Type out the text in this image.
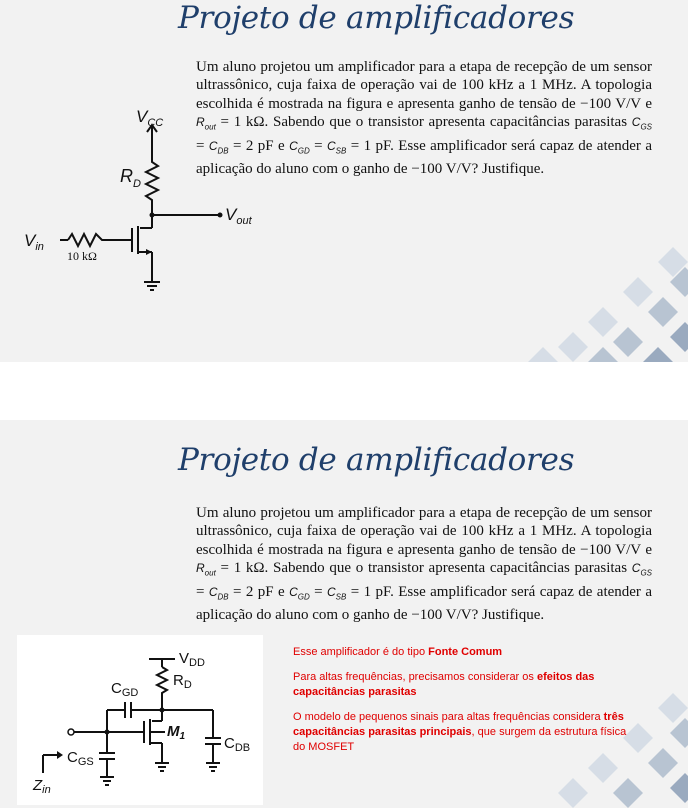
Projeto de amplificadores
Um aluno projetou um amplificador para a etapa de recepção de um sensor ultrassônico, cuja faixa de operação vai de 100 kHz a 1 MHz. A topologia escolhida é mostrada na figura e apresenta ganho de tensão de −100 V/V e $R_{out} = 1$ kΩ. Sabendo que o transistor apresenta capacitâncias parasitas $C_{GS} = C_{DB} = 2$ pF e $C_{GD} = C_{SB} = 1$ pF. Esse amplificador será capaz de atender a aplicação do aluno com o ganho de −100 V/V? Justifique.
$V_{CC}$
$R_D$
$V_{out}$
$V_{in}$
10 kΩ
Projeto de amplificadores
Um aluno projetou um amplificador para a etapa de recepção de um sensor ultrassônico, cuja faixa de operação vai de 100 kHz a 1 MHz. A topologia escolhida é mostrada na figura e apresenta ganho de tensão de −100 V/V e $R_{out} = 1$ kΩ. Sabendo que o transistor apresenta capacitâncias parasitas $C_{GS} = C_{DB} = 2$ pF e $C_{GD} = C_{SB} = 1$ pF. Esse amplificador será capaz de atender a aplicação do aluno com o ganho de −100 V/V? Justifique.
$V_{DD}$
$R_D$
$C_{GD}$
$M_1$
$C_{GS}$
$C_{DB}$
$Z_{in}$

Esse amplificador é do tipo Fonte Comum

Para altas frequências, precisamos considerar os efeitos das capacitâncias parasitas

O modelo de pequenos sinais para altas frequências considera três capacitâncias parasitas principais, que surgem da estrutura física do MOSFET
